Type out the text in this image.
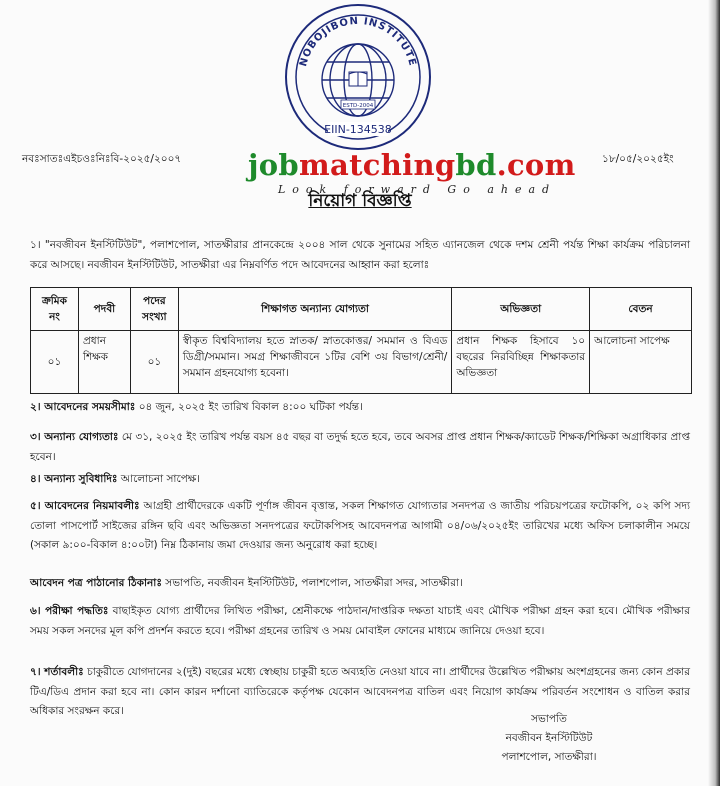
NOBOJIBON INSTITUTE
ESTD-2004
EIIN-134538
নবঃসাতঃএইচওঃনিঃবি-২০২৫/২০০৭	১৮/০৫/২০২৫ইং
jobmatchingbd.com
Look forward Go ahead
নিয়োগ বিজ্ঞপ্তি
১। "নবজীবন ইনস্টিটিউট", পলাশপোল, সাতক্ষীরার প্রানকেন্দ্রে ২০০৪ সাল থেকে সুনামের সহিত এ্যানজেল থেকে দশম শ্রেনী পর্যন্ত শিক্ষা কার্যক্রম পরিচালনা করে আসছে। নবজীবন ইনস্টিটিউট, সাতক্ষীরা এর নিম্নবর্ণিত পদে আবেদনের আহ্বান করা হলোঃ
ক্রমিক নং	পদবী	পদের সংখ্যা	শিক্ষাগত অন্যান্য যোগ্যতা	অভিজ্ঞতা	বেতন
০১	প্রধান শিক্ষক	০১	স্বীকৃত বিশ্ববিদ্যালয় হতে স্নাতক/ স্নাতকোত্তর/ সমমান ও বিএড ডিগ্রী/সমমান। সমগ্র শিক্ষাজীবনে ১টির বেশি ৩য় বিভাগ/শ্রেনী/ সমমান গ্রহনযোগ্য হবেনা।	প্রধান শিক্ষক হিসাবে ১০ বছরের নিরবিচ্ছিন্ন শিক্ষাকতার অভিজ্ঞতা	আলোচনা সাপেক্ষ
২। আবেদনের সময়সীমাঃ ০৪ জুন, ২০২৫ ইং তারিখ বিকাল ৪:০০ ঘটিকা পর্যন্ত।
৩। অন্যান্য যোগ্যতাঃ মে ৩১, ২০২৫ ইং তারিখ পর্যন্ত বয়স ৪৫ বছর বা তদুর্দ্ধ হতে হবে, তবে অবসর প্রাপ্ত প্রধান শিক্ষক/ক্যাডেট শিক্ষক/শিক্ষিকা অগ্রাধিকার প্রাপ্ত হবেন।
৪। অন্যান্য সুবিধাদিঃ আলোচনা সাপেক্ষ।
৫। আবেদনের নিয়মাবলীঃ আগ্রহী প্রার্থীদেরকে একটি পূর্ণাঙ্গ জীবন বৃত্তান্ত, সকল শিক্ষাগত যোগ্যতার সনদপত্র ও জাতীয় পরিচয়পত্রের ফটোকপি, ০২ কপি সদ্য তোলা পাসপোর্ট সাইজের রঙ্গিন ছবি এবং অভিজ্ঞতা সনদপত্রের ফটোকপিসহ আবেদনপত্র আগামী ০৪/০৬/২০২৫ইং তারিখের মধ্যে অফিস চলাকালীন সময়ে (সকাল ৯:০০-বিকাল ৪:০০টা) নিম্ন ঠিকানায় জমা দেওয়ার জন্য অনুরোধ করা হচ্ছে।
আবেদন পত্র পাঠানোর ঠিকানাঃ সভাপতি, নবজীবন ইনস্টিটিউট, পলাশপোল, সাতক্ষীরা সদর, সাতক্ষীরা।
৬। পরীক্ষা পদ্ধতিঃ বাছাইকৃত যোগ্য প্রার্থীদের লিখিত পরীক্ষা, শ্রেনীকক্ষে পাঠদান/দাপ্তরিক দক্ষতা যাচাই এবং মৌখিক পরীক্ষা গ্রহন করা হবে। মৌখিক পরীক্ষার সময় সকল সনদের মূল কপি প্রদর্শন করতে হবে। পরীক্ষা গ্রহনের তারিখ ও সময় মোবাইল ফোনের মাধ্যমে জানিয়ে দেওয়া হবে।
৭। শর্তাবলীঃ চাকুরীতে যোগদানের ২(দুই) বছরের মধ্যে স্বেচ্ছায় চাকুরী হতে অব্যহতি নেওয়া যাবে না। প্রার্থীদের উল্লেখিত পরীক্ষায় অংশগ্রহনের জন্য কোন প্রকার টিএ/ডিএ প্রদান করা হবে না। কোন কারন দর্শানো ব্যাতিরেকে কর্তৃপক্ষ যেকোন আবেদনপত্র বাতিল এবং নিয়োগ কার্যক্রম পরিবর্তন সংশোধন ও বাতিল করার অধিকার সংরক্ষন করে।
সভাপতি
নবজীবন ইনস্টিটিউট
পলাশপোল, সাতক্ষীরা।
